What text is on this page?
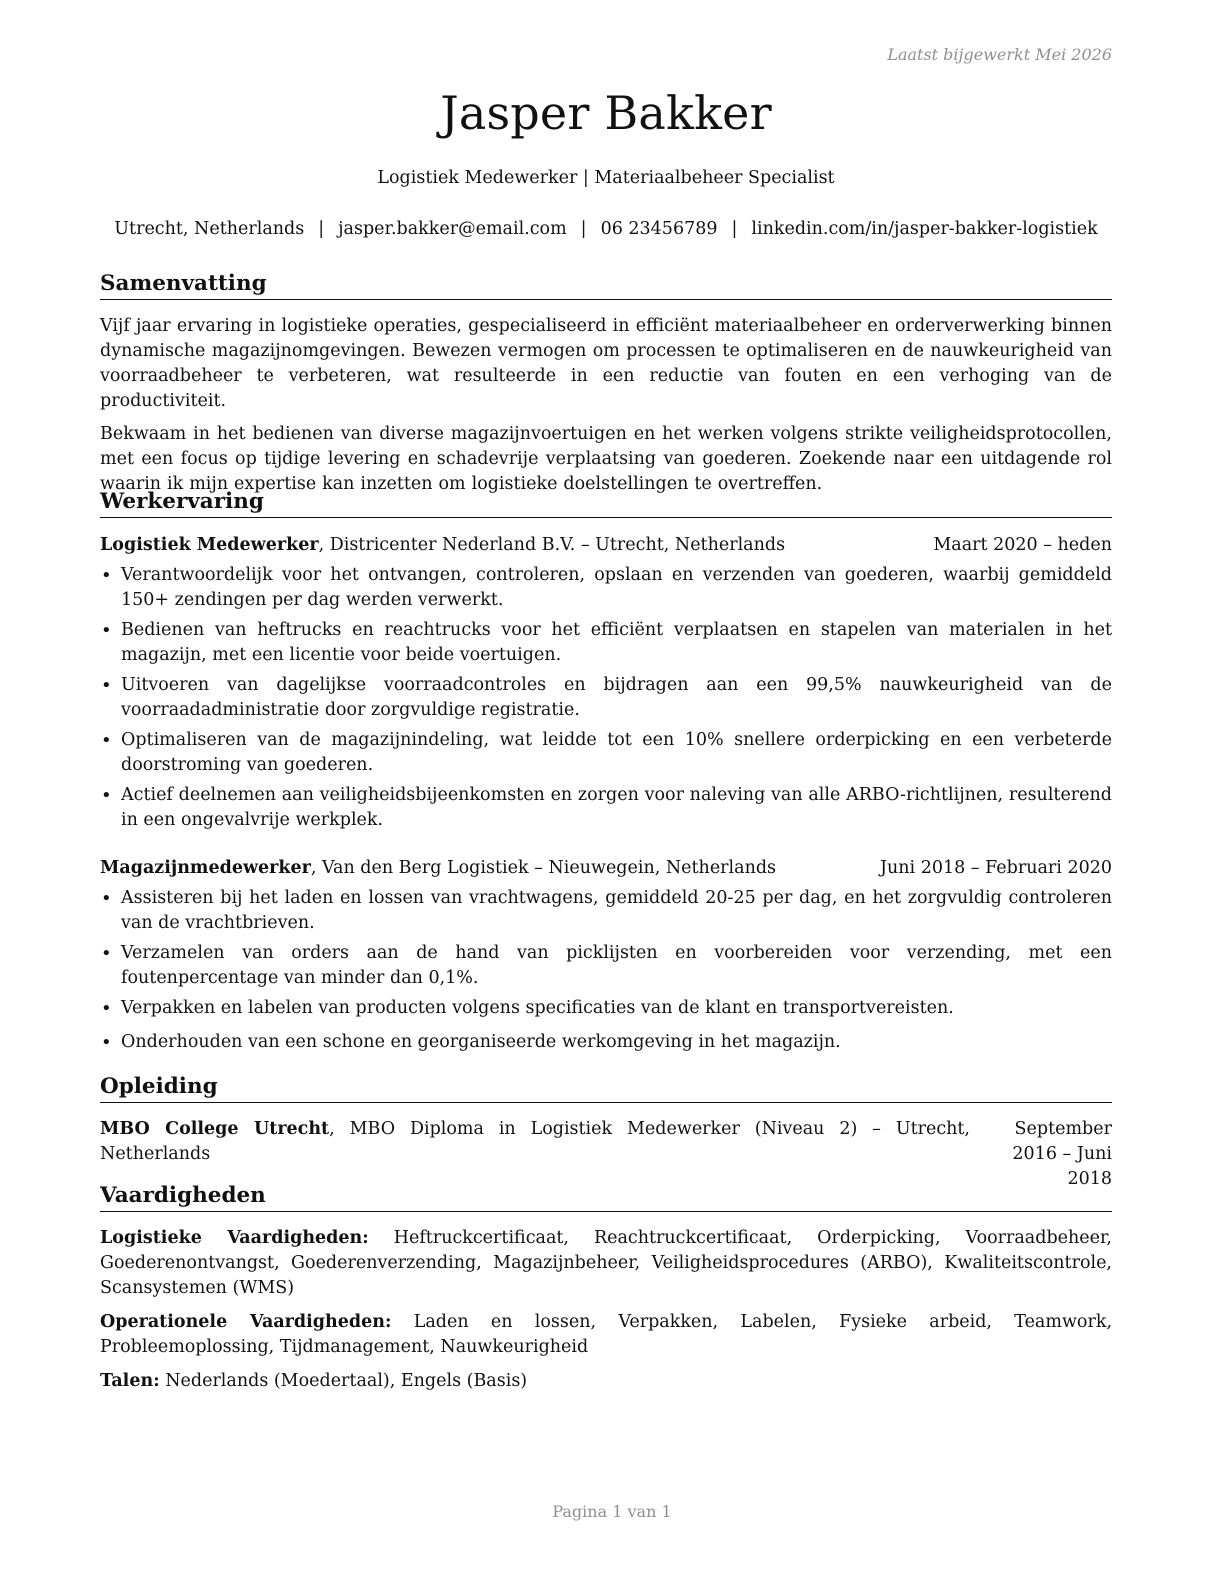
Laatst bijgewerkt Mei 2026
Jasper Bakker
Logistiek Medewerker | Materiaalbeheer Specialist
Utrecht, Netherlands | jasper.bakker@email.com | 06 23456789 | linkedin.com/in/jasper-bakker-logistiek
Samenvatting

Vijf jaar ervaring in logistieke operaties, gespecialiseerd in efficiënt materiaalbeheer en orderverwerking binnen dynamische magazijnomgevingen. Bewezen vermogen om processen te optimaliseren en de nauwkeurigheid van voorraadbeheer te verbeteren, wat resulteerde in een reductie van fouten en een verhoging van de productiviteit.

Bekwaam in het bedienen van diverse magazijnvoertuigen en het werken volgens strikte veiligheidsprotocollen, met een focus op tijdige levering en schadevrije verplaatsing van goederen. Zoekende naar een uitdagende rol waarin ik mijn expertise kan inzetten om logistieke doelstellingen te overtreffen.

Werkervaring
Logistiek Medewerker, Districenter Nederland B.V. – Utrecht, Netherlands	Maart 2020 – heden
• Verantwoordelijk voor het ontvangen, controleren, opslaan en verzenden van goederen, waarbij gemiddeld 150+ zendingen per dag werden verwerkt.
• Bedienen van heftrucks en reachtrucks voor het efficiënt verplaatsen en stapelen van materialen in het magazijn, met een licentie voor beide voertuigen.
• Uitvoeren van dagelijkse voorraadcontroles en bijdragen aan een 99,5% nauwkeurigheid van de voorraadadministratie door zorgvuldige registratie.
• Optimaliseren van de magazijnindeling, wat leidde tot een 10% snellere orderpicking en een verbeterde doorstroming van goederen.
• Actief deelnemen aan veiligheidsbijeenkomsten en zorgen voor naleving van alle ARBO-richtlijnen, resulterend in een ongevalvrije werkplek.
Magazijnmedewerker, Van den Berg Logistiek – Nieuwegein, Netherlands	Juni 2018 – Februari 2020
• Assisteren bij het laden en lossen van vrachtwagens, gemiddeld 20-25 per dag, en het zorgvuldig controleren van de vrachtbrieven.
• Verzamelen van orders aan de hand van picklijsten en voorbereiden voor verzending, met een foutenpercentage van minder dan 0,1%.
• Verpakken en labelen van producten volgens specificaties van de klant en transportvereisten.
• Onderhouden van een schone en georganiseerde werkomgeving in het magazijn.
Opleiding
MBO College Utrecht, MBO Diploma in Logistiek Medewerker (Niveau 2) – Utrecht, Netherlands
September 2016 – Juni 2018
Vaardigheden

Logistieke Vaardigheden: Heftruckcertificaat, Reachtruckcertificaat, Orderpicking, Voorraadbeheer, Goederenontvangst, Goederenverzending, Magazijnbeheer, Veiligheidsprocedures (ARBO), Kwaliteitscontrole, Scansystemen (WMS)

Operationele Vaardigheden: Laden en lossen, Verpakken, Labelen, Fysieke arbeid, Teamwork, Probleemoplossing, Tijdmanagement, Nauwkeurigheid

Talen: Nederlands (Moedertaal), Engels (Basis)

Pagina 1 van 1
